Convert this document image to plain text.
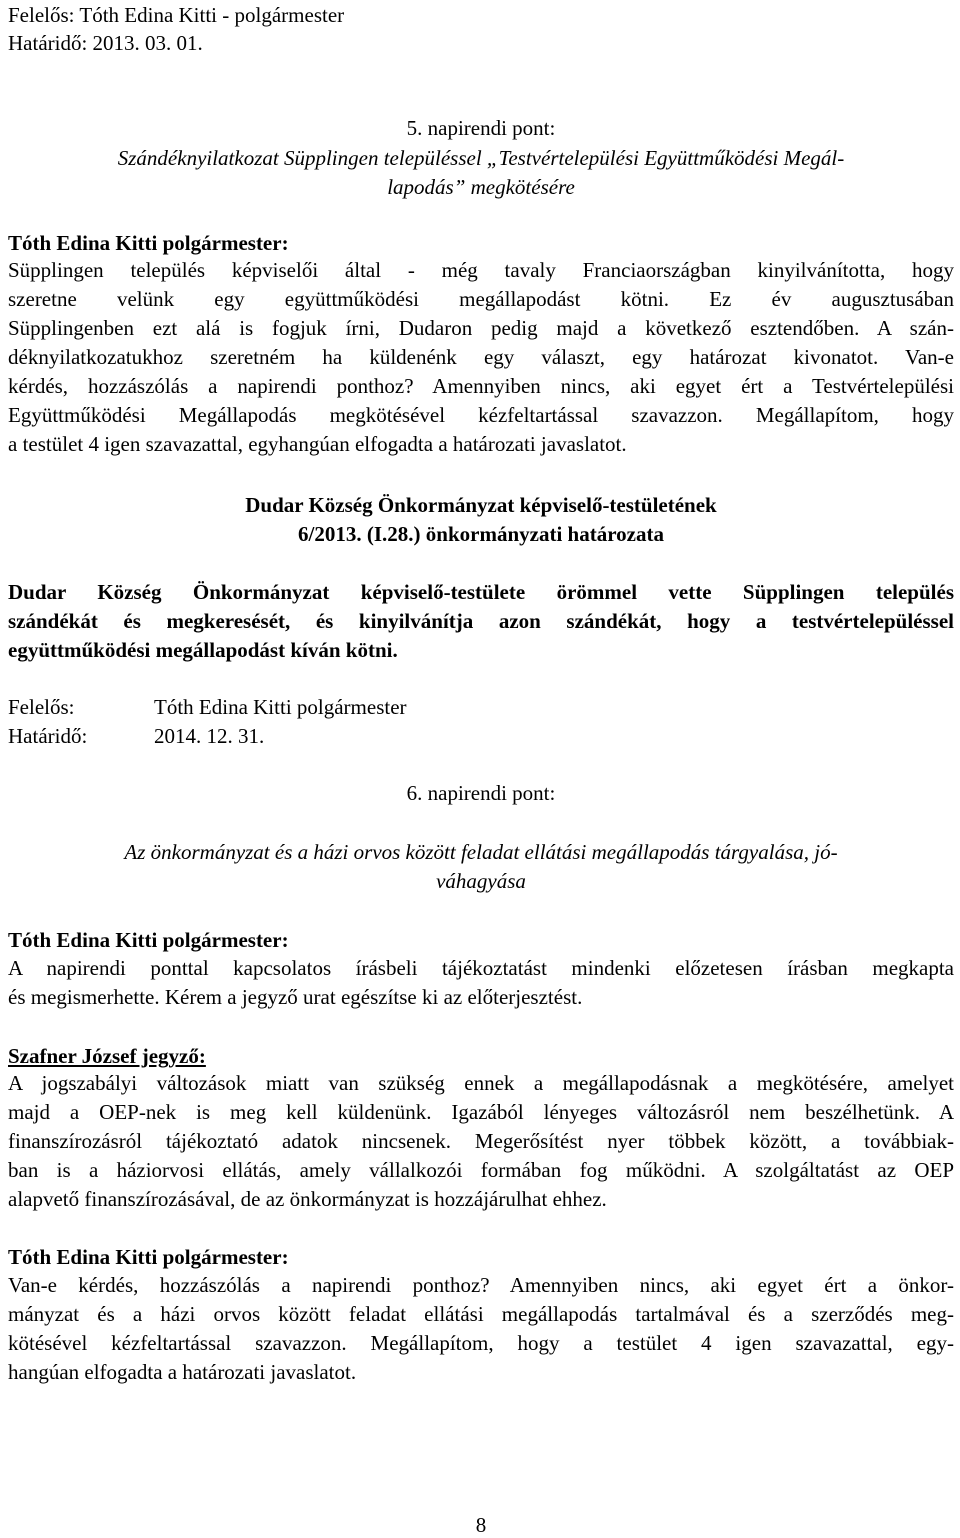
Felelős: Tóth Edina Kitti - polgármester
Határidő: 2013. 03. 01.
5. napirendi pont:
Szándéknyilatkozat Süpplingen településsel „Testvértelepülési Együttműködési Megál-
lapodás” megkötésére
Tóth Edina Kitti polgármester:
Süpplingen település képviselői által - még tavaly Franciaországban kinyilvánította, hogy
szeretne velünk egy együttműködési megállapodást kötni. Ez év augusztusában
Süpplingenben ezt alá is fogjuk írni, Dudaron pedig majd a következő esztendőben. A szán-
déknyilatkozatukhoz szeretném ha küldenénk egy választ, egy határozat kivonatot. Van-e
kérdés, hozzászólás a napirendi ponthoz? Amennyiben nincs, aki egyet ért a Testvértelepülési
Együttműködési Megállapodás megkötésével kézfeltartással szavazzon. Megállapítom, hogy
a testület 4 igen szavazattal, egyhangúan elfogadta a határozati javaslatot.
Dudar Község Önkormányzat képviselő-testületének
6/2013. (I.28.) önkormányzati határozata
Dudar Község Önkormányzat képviselő-testülete örömmel vette Süpplingen település
szándékát és megkeresését, és kinyilvánítja azon szándékát, hogy a testvértelepüléssel
együttműködési megállapodást kíván kötni.
Felelős:	Tóth Edina Kitti polgármester
Határidő:	2014. 12. 31.
6. napirendi pont:
Az önkormányzat és a házi orvos között feladat ellátási megállapodás tárgyalása, jó-
váhagyása
Tóth Edina Kitti polgármester:
A napirendi ponttal kapcsolatos írásbeli tájékoztatást mindenki előzetesen írásban megkapta
és megismerhette. Kérem a jegyző urat egészítse ki az előterjesztést.
Szafner József jegyző:
A jogszabályi változások miatt van szükség ennek a megállapodásnak a megkötésére, amelyet
majd a OEP-nek is meg kell küldenünk. Igazából lényeges változásról nem beszélhetünk. A
finanszírozásról tájékoztató adatok nincsenek. Megerősítést nyer többek között, a továbbiak-
ban is a háziorvosi ellátás, amely vállalkozói formában fog működni. A szolgáltatást az OEP
alapvető finanszírozásával, de az önkormányzat is hozzájárulhat ehhez.
Tóth Edina Kitti polgármester:
Van-e kérdés, hozzászólás a napirendi ponthoz? Amennyiben nincs, aki egyet ért a önkor-
mányzat és a házi orvos között feladat ellátási megállapodás tartalmával és a szerződés meg-
kötésével kézfeltartással szavazzon. Megállapítom, hogy a testület 4 igen szavazattal, egy-
hangúan elfogadta a határozati javaslatot.
8
